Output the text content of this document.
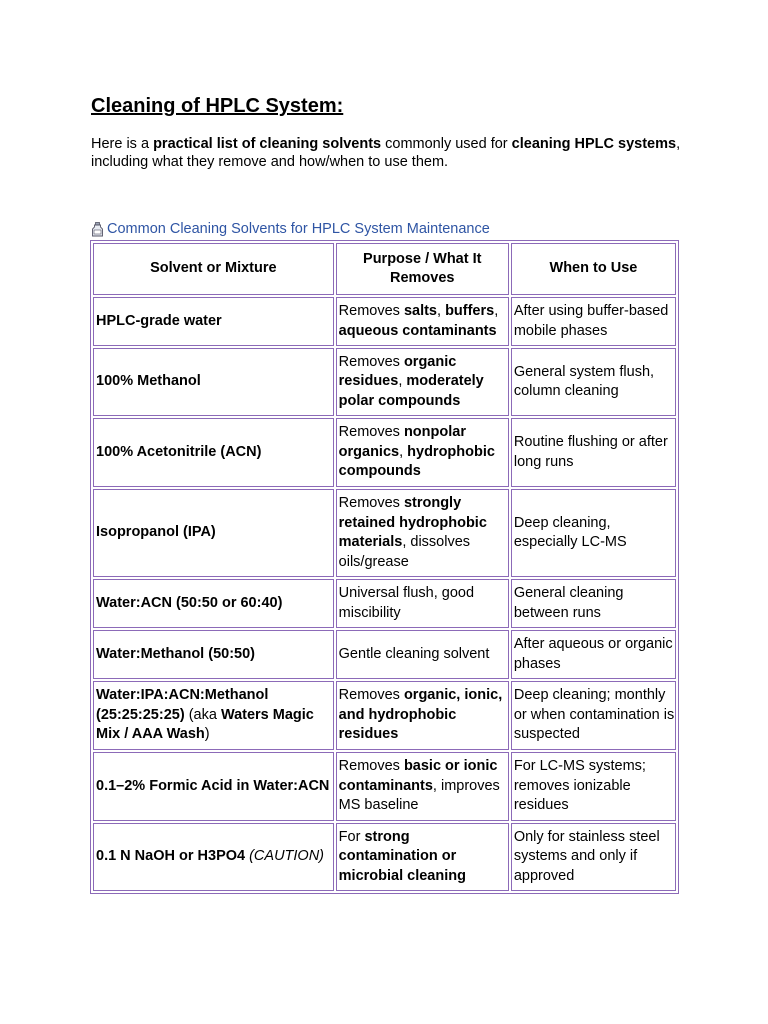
Cleaning of HPLC System:

Here is a practical list of cleaning solvents commonly used for cleaning HPLC systems, including what they remove and how/when to use them.

Common Cleaning Solvents for HPLC System Maintenance
Solvent or Mixture	Purpose / What It Removes	When to Use
HPLC-grade water	Removes salts, buffers, aqueous contaminants	After using buffer-based mobile phases
100% Methanol	Removes organic residues, moderately polar compounds	General system flush, column cleaning
100% Acetonitrile (ACN)	Removes nonpolar organics, hydrophobic compounds	Routine flushing or after long runs
Isopropanol (IPA)	Removes strongly retained hydrophobic materials, dissolves oils/grease	Deep cleaning, especially LC-MS
Water:ACN (50:50 or 60:40)	Universal flush, good miscibility	General cleaning between runs
Water:Methanol (50:50)	Gentle cleaning solvent	After aqueous or organic phases
Water:IPA:ACN:Methanol (25:25:25:25) (aka Waters Magic Mix / AAA Wash)	Removes organic, ionic, and hydrophobic residues	Deep cleaning; monthly or when contamination is suspected
0.1–2% Formic Acid in Water:ACN	Removes basic or ionic contaminants, improves MS baseline	For LC-MS systems; removes ionizable residues
0.1 N NaOH or H3PO4 (CAUTION)	For strong contamination or microbial cleaning	Only for stainless steel systems and only if approved
